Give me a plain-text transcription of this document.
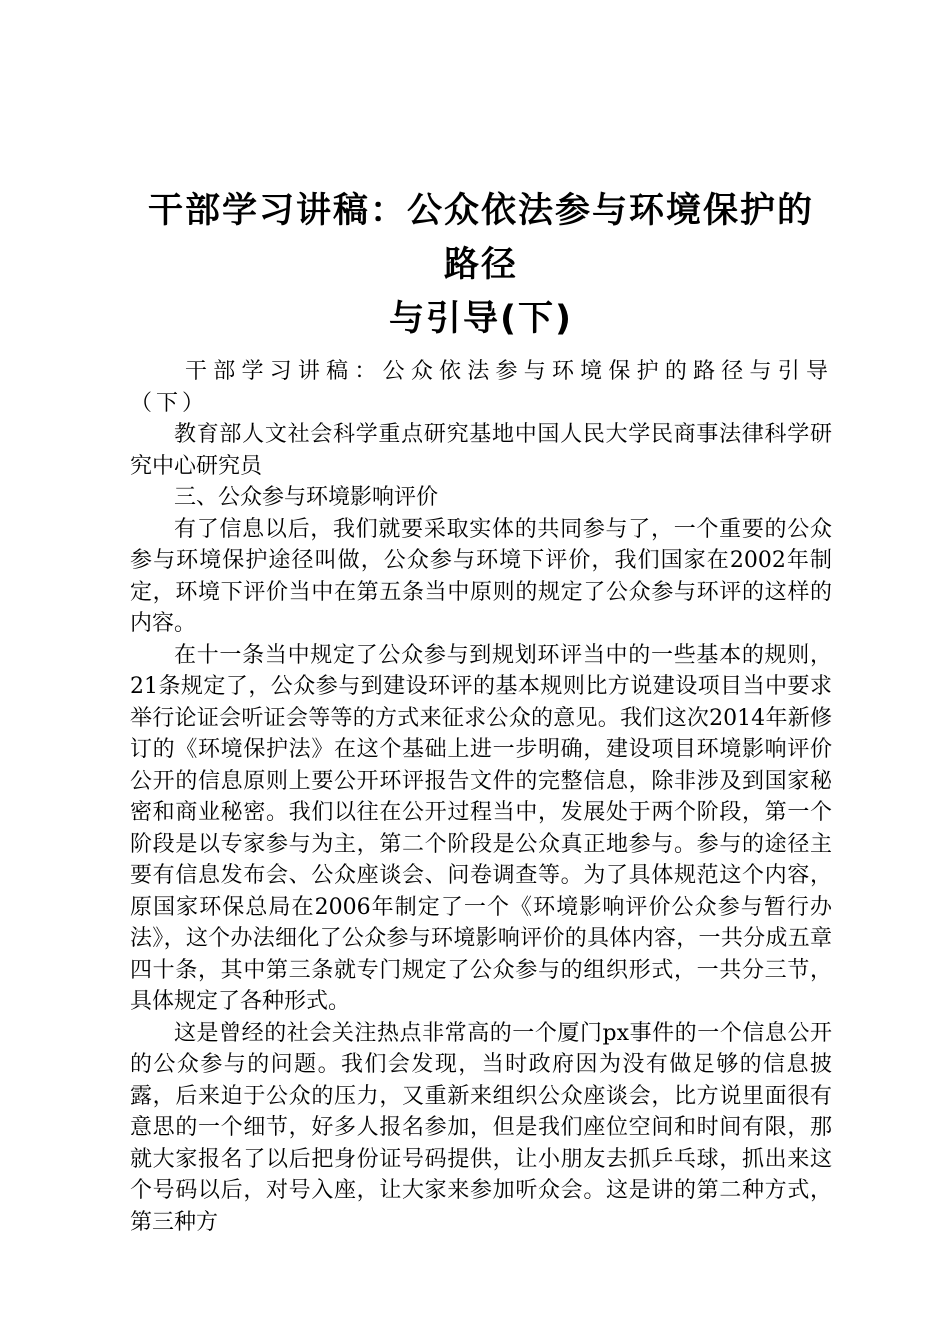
干部学习讲稿：公众依法参与环境保护的路径
与引导(下)

干部学习讲稿：公众依法参与环境保护的路径与引导（下）

教育部人文社会科学重点研究基地中国人民大学民商事法律科学研究中心研究员

三、公众参与环境影响评价

有了信息以后，我们就要采取实体的共同参与了，一个重要的公众参与环境保护途径叫做，公众参与环境下评价，我们国家在2002年制定，环境下评价当中在第五条当中原则的规定了公众参与环评的这样的内容。

在十一条当中规定了公众参与到规划环评当中的一些基本的规则，21条规定了，公众参与到建设环评的基本规则比方说建设项目当中要求举行论证会听证会等等的方式来征求公众的意见。我们这次2014年新修订的《环境保护法》在这个基础上进一步明确，建设项目环境影响评价公开的信息原则上要公开环评报告文件的完整信息，除非涉及到国家秘密和商业秘密。我们以往在公开过程当中，发展处于两个阶段，第一个阶段是以专家参与为主，第二个阶段是公众真正地参与。参与的途径主要有信息发布会、公众座谈会、问卷调查等。为了具体规范这个内容，原国家环保总局在2006年制定了一个《环境影响评价公众参与暂行办法》，这个办法细化了公众参与环境影响评价的具体内容，一共分成五章四十条，其中第三条就专门规定了公众参与的组织形式，一共分三节，具体规定了各种形式。

这是曾经的社会关注热点非常高的一个厦门px事件的一个信息公开的公众参与的问题。我们会发现，当时政府因为没有做足够的信息披露，后来迫于公众的压力，又重新来组织公众座谈会，比方说里面很有意思的一个细节，好多人报名参加，但是我们座位空间和时间有限，那就大家报名了以后把身份证号码提供，让小朋友去抓乒乓球，抓出来这个号码以后，对号入座，让大家来参加听众会。这是讲的第二种方式，第三种方
